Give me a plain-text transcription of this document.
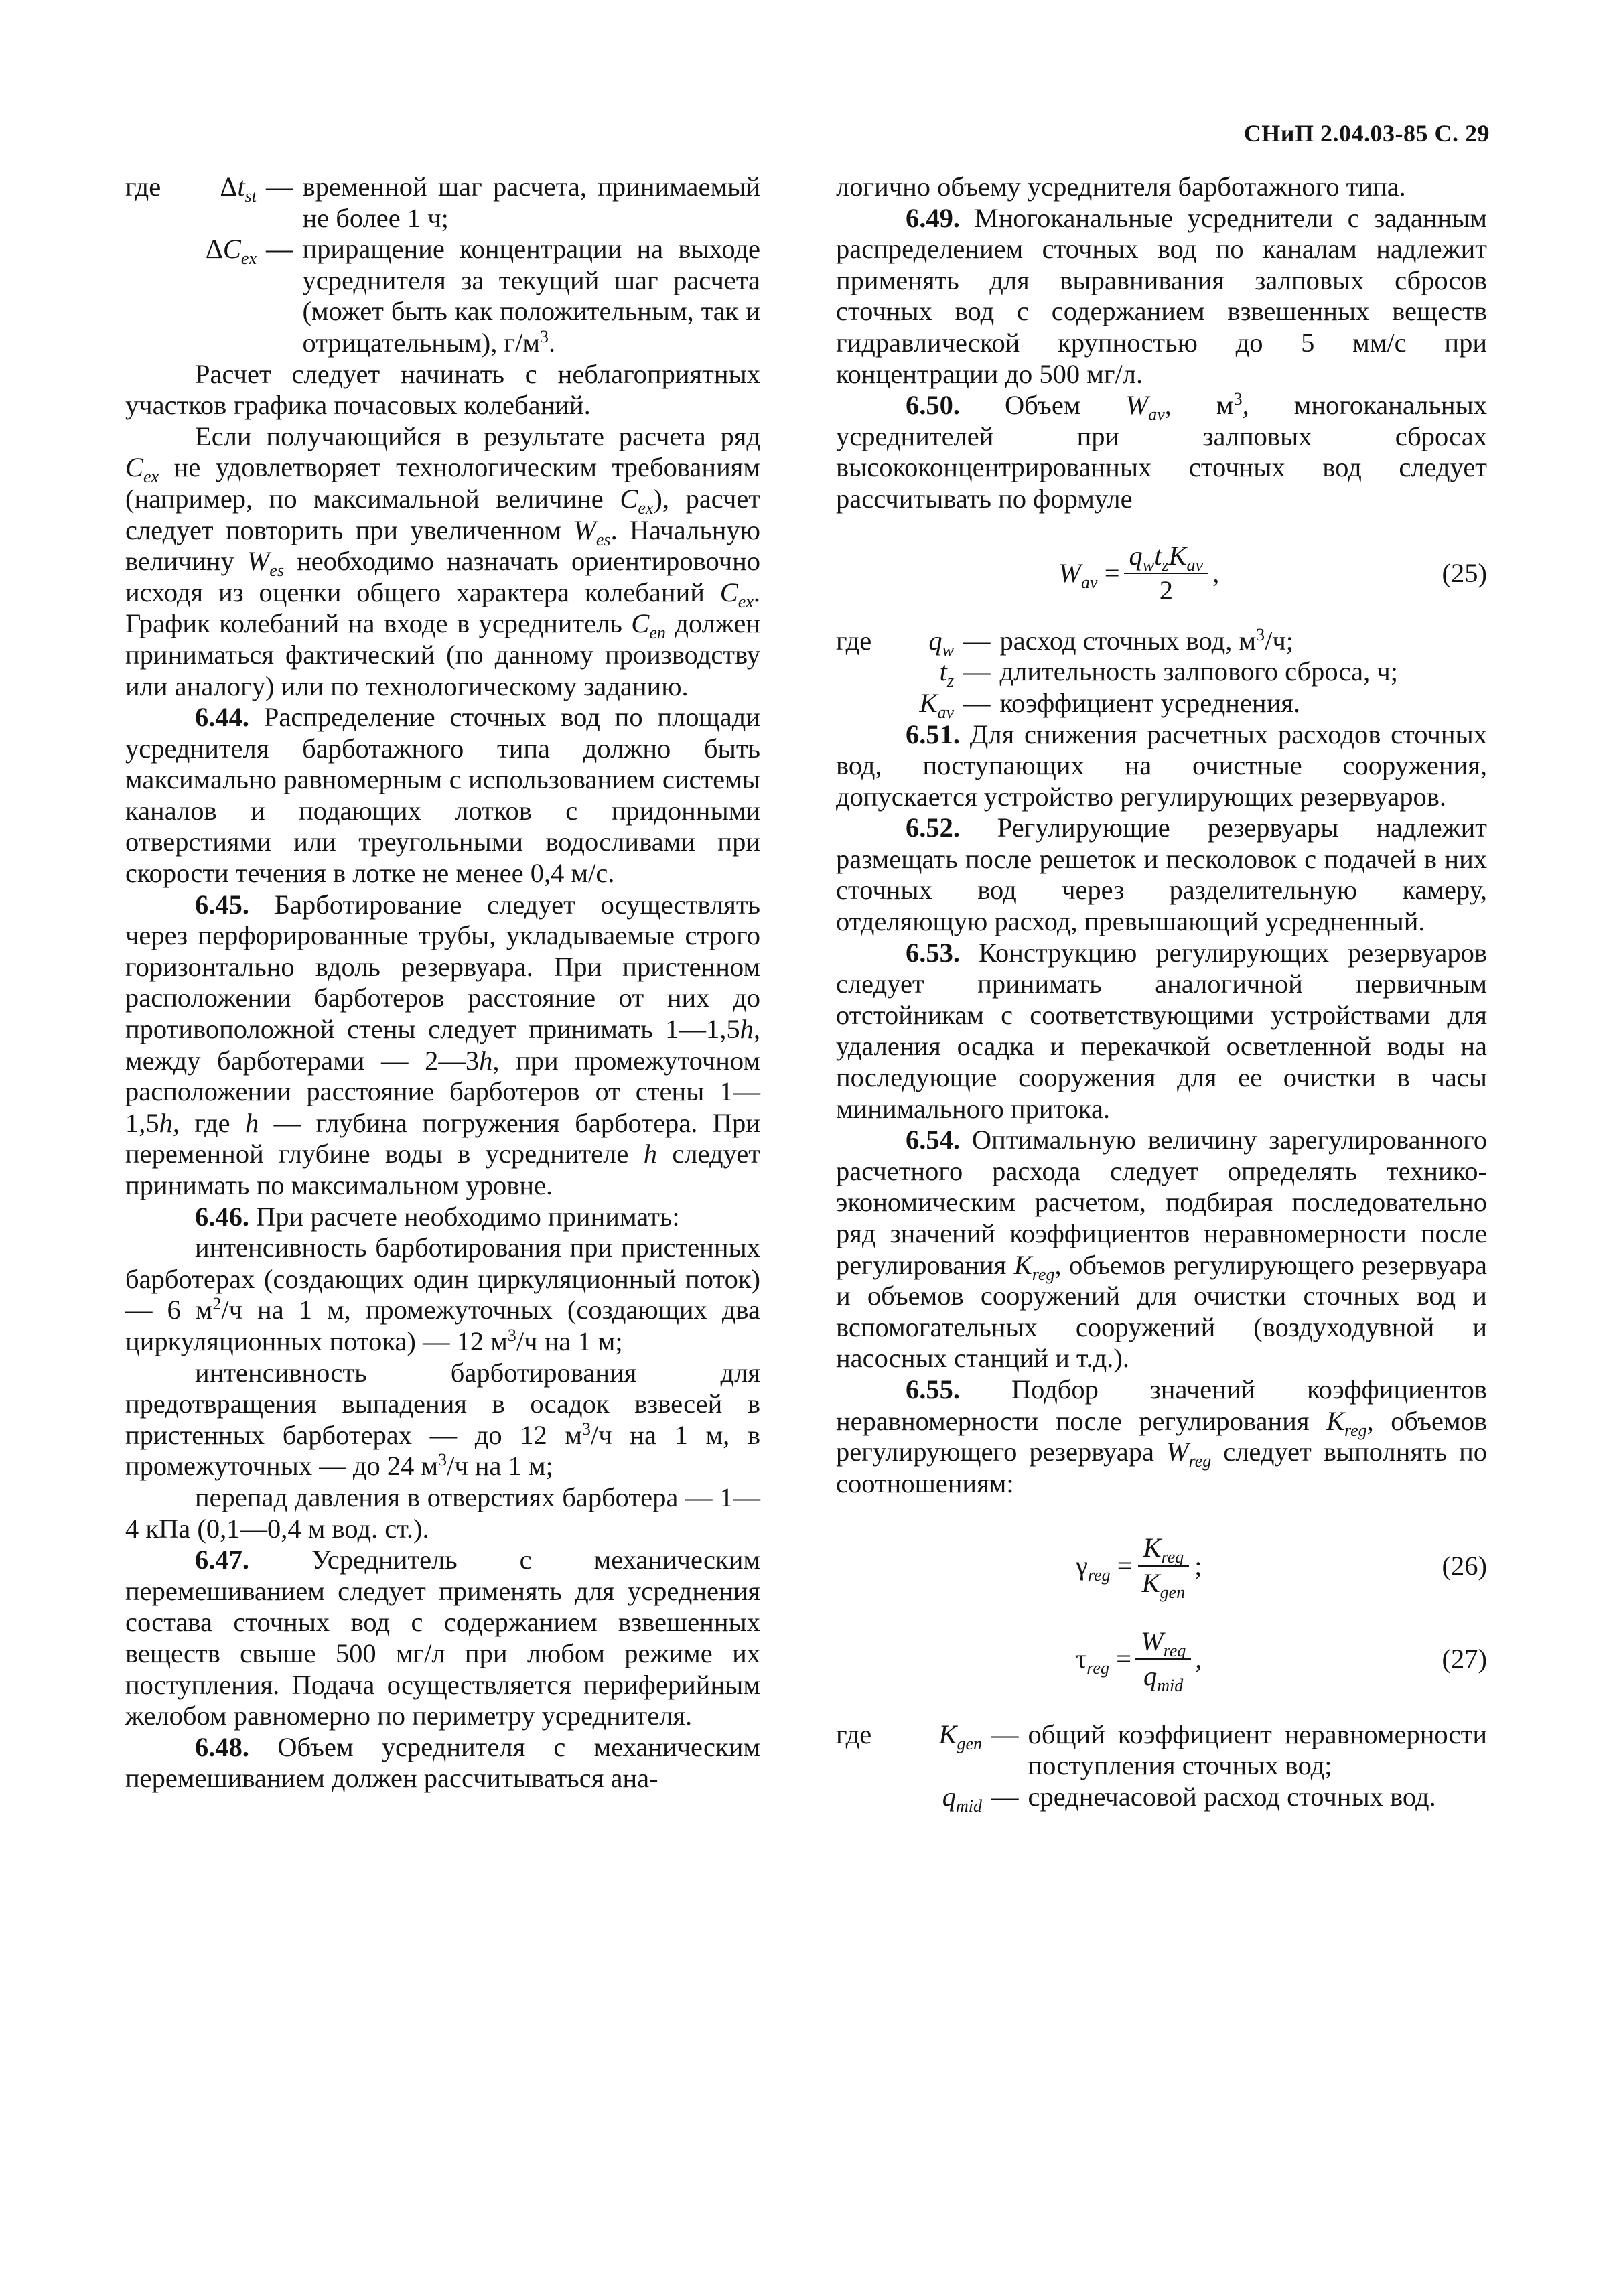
СНиП 2.04.03-85 С. 29
где	$\Delta t_{st}$ — временной шаг расчета, принимаемый не более 1 ч;
$\Delta C_{ex}$ — приращение концентрации на выходе усреднителя за текущий шаг расчета (может быть как положительным, так и отрицательным), $г/м^3$.

Расчет следует начинать с неблагоприятных участков графика почасовых колебаний.

Если получающийся в результате расчета ряд $C_{ex}$ не удовлетворяет технологическим требованиям (например, по максимальной величине $C_{ex}$), расчет следует повторить при увеличенном $W_{es}$. Начальную величину $W_{es}$ необходимо назначать ориентировочно исходя из оценки общего характера колебаний $C_{ex}$. График колебаний на входе в усреднитель $C_{en}$ должен приниматься фактический (по данному производству или аналогу) или по технологическому заданию.

6.44. Распределение сточных вод по площади усреднителя барботажного типа должно быть максимально равномерным с использованием системы каналов и подающих лотков с придонными отверстиями или треугольными водосливами при скорости течения в лотке не менее 0,4 м/с.

6.45. Барботирование следует осуществлять через перфорированные трубы, укладываемые строго горизонтально вдоль резервуара. При пристенном расположении барботеров расстояние от них до противоположной стены следует принимать 1—1,5h, между барботерами — 2—3h, при промежуточном расположении расстояние барботеров от стены 1—1,5h, где h — глубина погружения барботера. При переменной глубине воды в усреднителе h следует принимать по максимальном уровне.

6.46. При расчете необходимо принимать:

интенсивность барботирования при пристенных барботерах (создающих один циркуляционный поток) — 6 $м^2/ч$ на 1 м, промежуточных (создающих два циркуляционных потока) — 12 $м^3/ч$ на 1 м;

интенсивность барботирования для предотвращения выпадения в осадок взвесей в пристенных барботерах — до 12 $м^3/ч$ на 1 м, в промежуточных — до 24 $м^3/ч$ на 1 м;

перепад давления в отверстиях барботера — 1—4 кПа (0,1—0,4 м вод. ст.).

6.47. Усреднитель с механическим перемешиванием следует применять для усреднения состава сточных вод с содержанием взвешенных веществ свыше 500 мг/л при любом режиме их поступления. Подача осуществляется периферийным желобом равномерно по периметру усреднителя.

6.48. Объем усреднителя с механическим перемешиванием должен рассчитываться ана-

логично объему усреднителя барботажного типа.

6.49. Многоканальные усреднители с заданным распределением сточных вод по каналам надлежит применять для выравнивания залповых сбросов сточных вод с содержанием взвешенных веществ гидравлической крупностью до 5 мм/с при концентрации до 500 мг/л.

6.50. Объем $W_{av}$, $м^3$, многоканальных усреднителей при залповых сбросах высококонцентрированных сточных вод следует рассчитывать по формуле

$W_{av} = \frac{q_wt_zK_{av}}{2}$ ,	(25)
где	$q_w$ — расход сточных вод, $м^3/ч$;
$t_z$ — длительность залпового сброса, ч;
$K_{av}$ — коэффициент усреднения.

6.51. Для снижения расчетных расходов сточных вод, поступающих на очистные сооружения, допускается устройство регулирующих резервуаров.

6.52. Регулирующие резервуары надлежит размещать после решеток и песколовок с подачей в них сточных вод через разделительную камеру, отделяющую расход, превышающий усредненный.

6.53. Конструкцию регулирующих резервуаров следует принимать аналогичной первичным отстойникам с соответствующими устройствами для удаления осадка и перекачкой осветленной воды на последующие сооружения для ее очистки в часы минимального притока.

6.54. Оптимальную величину зарегулированного расчетного расхода следует определять технико-экономическим расчетом, подбирая последовательно ряд значений коэффициентов неравномерности после регулирования $K_{reg}$, объемов регулирующего резервуара и объемов сооружений для очистки сточных вод и вспомогательных сооружений (воздуходувной и насосных станций и т.д.).

6.55. Подбор значений коэффициентов неравномерности после регулирования $K_{reg}$, объемов регулирующего резервуара $W_{reg}$ следует выполнять по соотношениям:

$\gamma_{reg} = \frac{K_{reg}}{K_{gen}}$ ;	(26)
$\tau_{reg} = \frac{W_{reg}}{q_{mid}}$ ,	(27)
где	$K_{gen}$ — общий коэффициент неравномерности поступления сточных вод;
$q_{mid}$ — среднечасовой расход сточных вод.
